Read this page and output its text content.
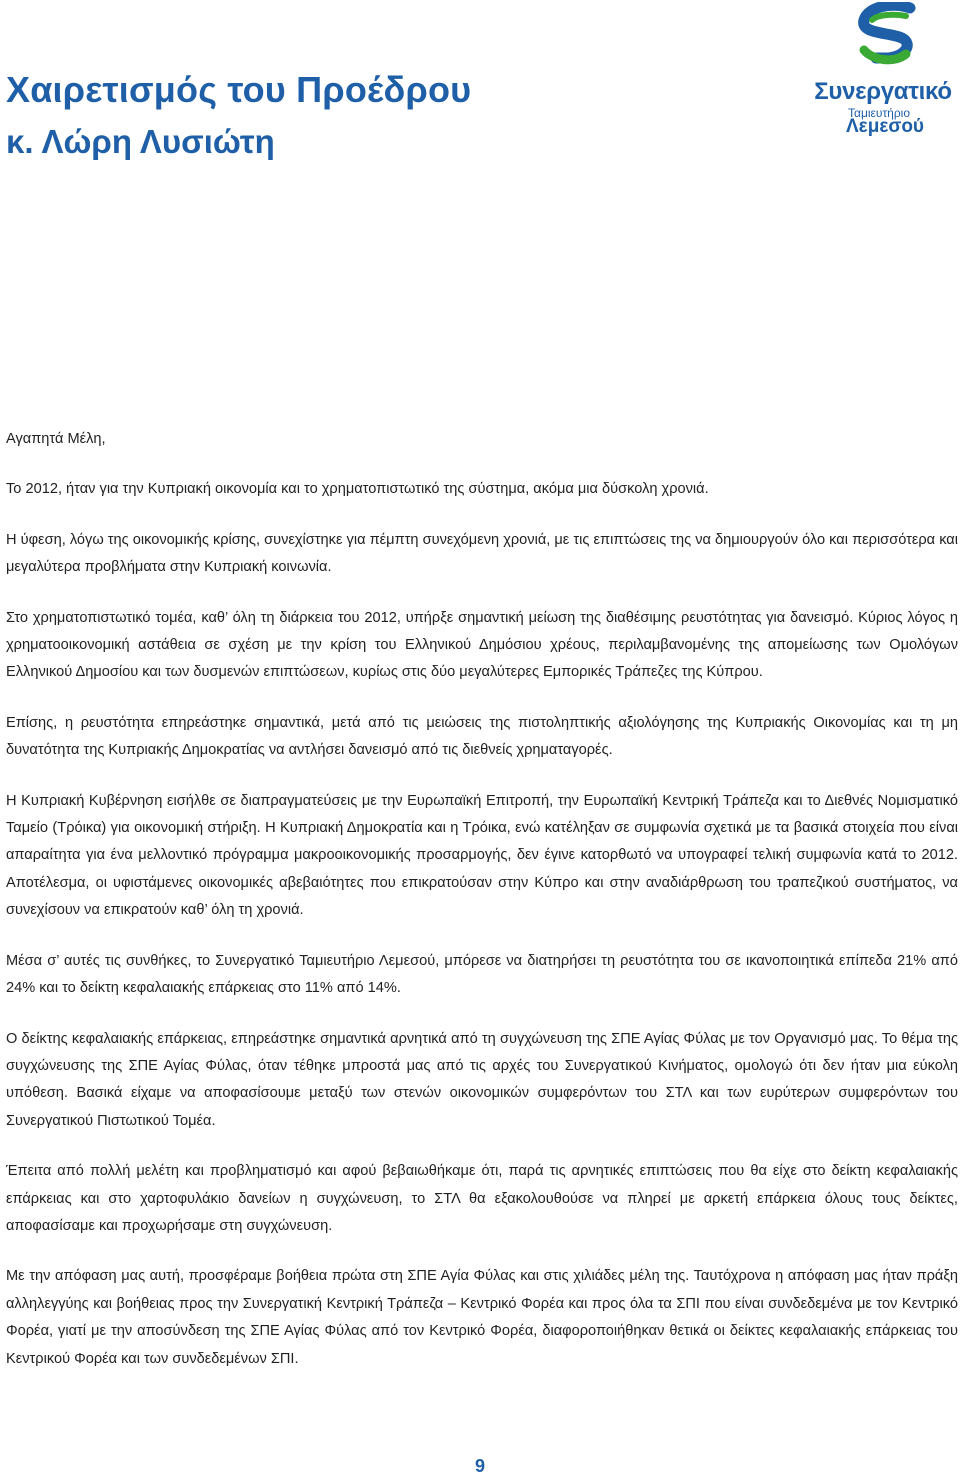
Χαιρετισμός του Προέδρου
κ. Λώρη Λυσιώτη
Συνεργατικό
Ταμιευτήριο
Λεμεσού

Αγαπητά Μέλη,

Το 2012, ήταν για την Κυπριακή οικονομία και το χρηματοπιστωτικό της σύστημα, ακόμα μια δύσκολη χρονιά.

Η ύφεση, λόγω της οικονομικής κρίσης, συνεχίστηκε για πέμπτη συνεχόμενη χρονιά, με τις επιπτώσεις της να δημιουργούν όλο και περισσότερα και μεγαλύτερα προβλήματα στην Κυπριακή κοινωνία.

Στο χρηματοπιστωτικό τομέα, καθ’ όλη τη διάρκεια του 2012, υπήρξε σημαντική μείωση της διαθέσιμης ρευστότητας για δανεισμό. Κύριος λόγος η χρηματοοικονομική αστάθεια σε σχέση με την κρίση του Ελληνικού Δημόσιου χρέους, περιλαμβανομένης της απομείωσης των Ομολόγων Ελληνικού Δημοσίου και των δυσμενών επιπτώσεων, κυρίως στις δύο μεγαλύτερες Εμπορικές Τράπεζες της Κύπρου.

Επίσης, η ρευστότητα επηρεάστηκε σημαντικά, μετά από τις μειώσεις της πιστοληπτικής αξιολόγησης της Κυπριακής Οικονομίας και τη μη δυνατότητα της Κυπριακής Δημοκρατίας να αντλήσει δανεισμό από τις διεθνείς χρηματαγορές.

Η Κυπριακή Κυβέρνηση εισήλθε σε διαπραγματεύσεις με την Ευρωπαϊκή Επιτροπή, την Ευρωπαϊκή Κεντρική Τράπεζα και το Διεθνές Νομισματικό Ταμείο (Τρόικα) για οικονομική στήριξη. Η Κυπριακή Δημοκρατία και η Τρόικα, ενώ κατέληξαν σε συμφωνία σχετικά με τα βασικά στοιχεία που είναι απαραίτητα για ένα μελλοντικό πρόγραμμα μακροοικονομικής προσαρμογής, δεν έγινε κατορθωτό να υπογραφεί τελική συμφωνία κατά το 2012. Αποτέλεσμα, οι υφιστάμενες οικονομικές αβεβαιότητες που επικρατούσαν στην Κύπρο και στην αναδιάρθρωση του τραπεζικού συστήματος, να συνεχίσουν να επικρατούν καθ’ όλη τη χρονιά.

Μέσα σ’ αυτές τις συνθήκες, το Συνεργατικό Ταμιευτήριο Λεμεσού, μπόρεσε να διατηρήσει τη ρευστότητα του σε ικανοποιητικά επίπεδα 21% από 24% και το δείκτη κεφαλαιακής επάρκειας στο 11% από 14%.

Ο δείκτης κεφαλαιακής επάρκειας, επηρεάστηκε σημαντικά αρνητικά από τη συγχώνευση της ΣΠΕ Αγίας Φύλας με τον Οργανισμό μας. Το θέμα της συγχώνευσης της ΣΠΕ Αγίας Φύλας, όταν τέθηκε μπροστά μας από τις αρχές του Συνεργατικού Κινήματος, ομολογώ ότι δεν ήταν μια εύκολη υπόθεση. Βασικά είχαμε να αποφασίσουμε μεταξύ των στενών οικονομικών συμφερόντων του ΣΤΛ και των ευρύτερων συμφερόντων του Συνεργατικού Πιστωτικού Τομέα.

Έπειτα από πολλή μελέτη και προβληματισμό και αφού βεβαιωθήκαμε ότι, παρά τις αρνητικές επιπτώσεις που θα είχε στο δείκτη κεφαλαιακής επάρκειας και στο χαρτοφυλάκιο δανείων η συγχώνευση, το ΣΤΛ θα εξακολουθούσε να πληρεί με αρκετή επάρκεια όλους τους δείκτες, αποφασίσαμε και προχωρήσαμε στη συγχώνευση.

Με την απόφαση μας αυτή, προσφέραμε βοήθεια πρώτα στη ΣΠΕ Αγία Φύλας και στις χιλιάδες μέλη της. Ταυτόχρονα η απόφαση μας ήταν πράξη αλληλεγγύης και βοήθειας προς την Συνεργατική Κεντρική Τράπεζα – Κεντρικό Φορέα και προς όλα τα ΣΠΙ που είναι συνδεδεμένα με τον Κεντρικό Φορέα, γιατί με την αποσύνδεση της ΣΠΕ Αγίας Φύλας από τον Κεντρικό Φορέα, διαφοροποιήθηκαν θετικά οι δείκτες κεφαλαιακής επάρκειας του Κεντρικού Φορέα και των συνδεδεμένων ΣΠΙ.

9
